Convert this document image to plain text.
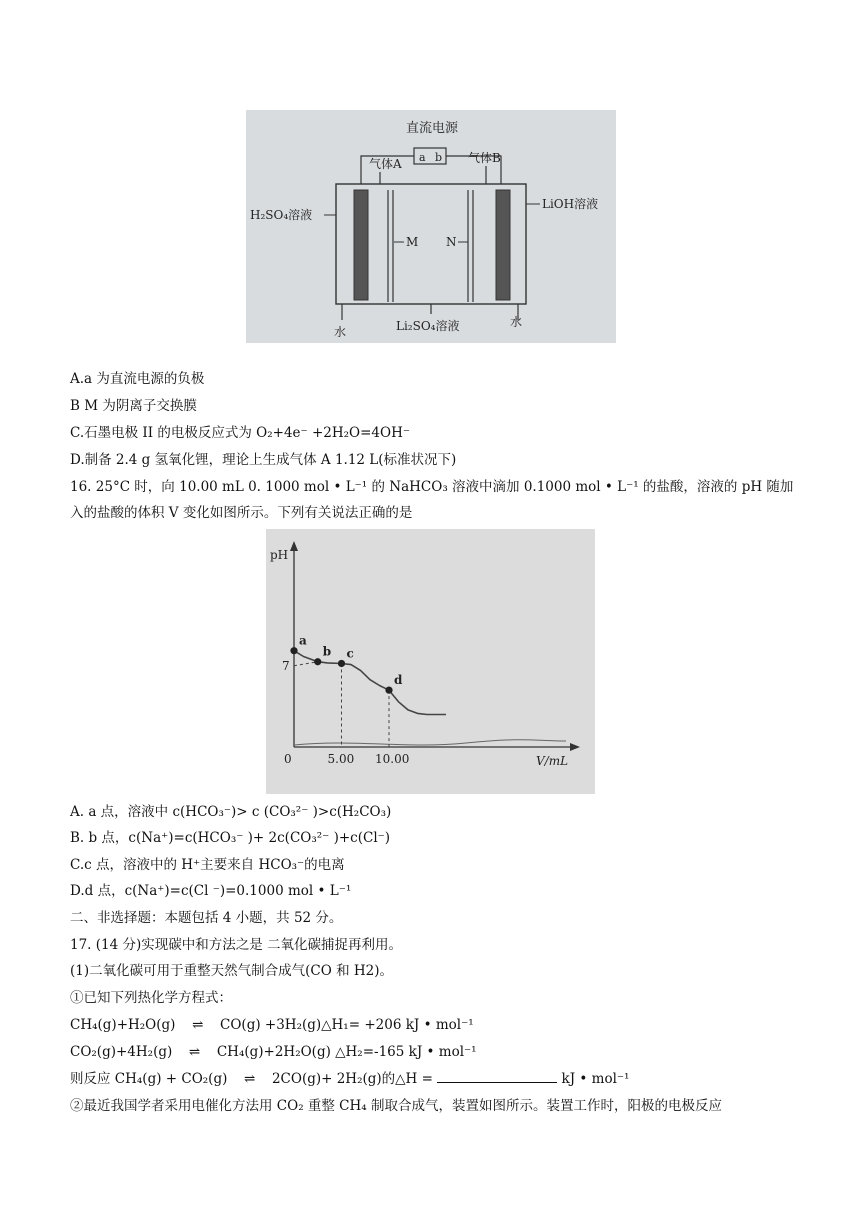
直流电源
a b
气体A	气体B
M N
H₂SO₄溶液
LiOH溶液
水	Li₂SO₄溶液	水
A.a 为直流电源的负极
B M 为阴离子交换膜
C.石墨电极 II 的电极反应式为 O₂+4e⁻ +2H₂O=4OH⁻
D.制备 2.4 g 氢氧化锂，理论上生成气体 A 1.12 L(标准状况下)
16. 25°C 时，向 10.00 mL 0. 1000 mol • L⁻¹ 的 NaHCO₃ 溶液中滴加 0.1000 mol • L⁻¹ 的盐酸，溶液的 pH 随加
入的盐酸的体积 V 变化如图所示。下列有关说法正确的是
pH
V/mL
7
0	5.00 10.00
a
b c
d
A. a 点，溶液中 c(HCO₃⁻)> c (CO₃²⁻ )>c(H₂CO₃)
B. b 点，c(Na⁺)=c(HCO₃⁻ )+ 2c(CO₃²⁻ )+c(Cl⁻)
C.c 点，溶液中的 H⁺主要来自 HCO₃⁻的电离
D.d 点，c(Na⁺)=c(Cl ⁻)=0.1000 mol • L⁻¹
二、非选择题：本题包括 4 小题，共 52 分。
17. (14 分)实现碳中和方法之是 二氧化碳捕捉再利用。
(1)二氧化碳可用于重整天然气制合成气(CO 和 H2)。
①已知下列热化学方程式：
CH₄(g)+H₂O(g) ⇌ CO(g) +3H₂(g)△H₁= +206 kJ • mol⁻¹
CO₂(g)+4H₂(g) ⇌ CH₄(g)+2H₂O(g) △H₂=-165 kJ • mol⁻¹
则反应 CH₄(g) + CO₂(g) ⇌ 2CO(g)+ 2H₂(g)的△H =	kJ • mol⁻¹
②最近我国学者采用电催化方法用 CO₂ 重整 CH₄ 制取合成气，装置如图所示。装置工作时，阳极的电极反应
